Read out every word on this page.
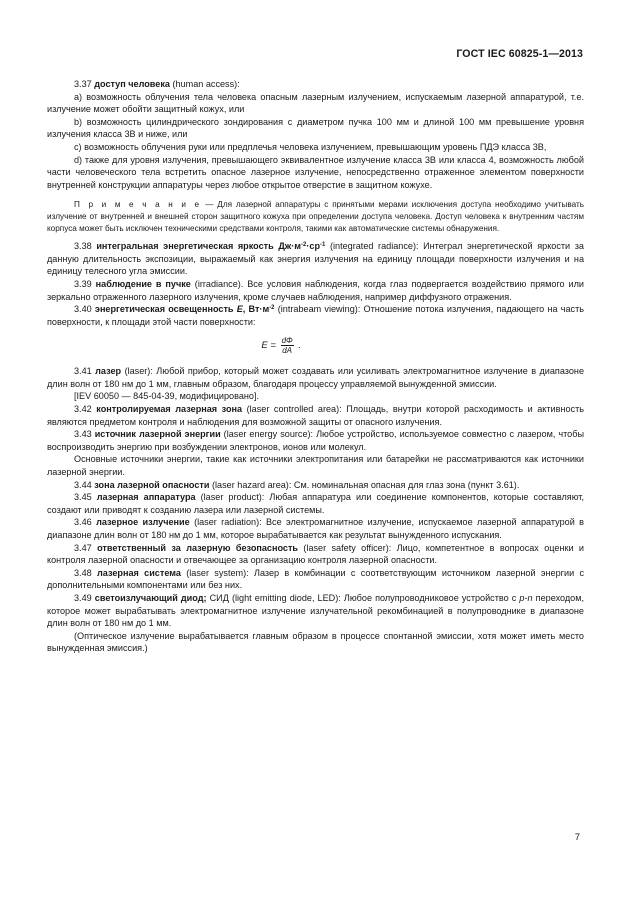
ГОСТ IEC 60825-1—2013

3.37 доступ человека (human access):

а) возможность облучения тела человека опасным лазерным излучением, испускаемым лазерной аппаратурой, т.е. излучение может обойти защитный кожух, или

b) возможность цилиндрического зондирования с диаметром пучка 100 мм и длиной 100 мм превышение уровня излучения класса 3В и ниже, или

с) возможность облучения руки или предплечья человека излучением, превышающим уровень ПДЭ класса 3В,

d) также для уровня излучения, превышающего эквивалентное излучение класса 3В или класса 4, возможность любой части человеческого тела встретить опасное лазерное излучение, непосредственно отраженное элементом поверхности внутренней конструкции аппаратуры через любое открытое отверстие в защитном кожухе.

П р и м е ч а н и е — Для лазерной аппаратуры с принятыми мерами исключения доступа необходимо учитывать излучение от внутренней и внешней сторон защитного кожуха при определении доступа человека. Доступ человека к внутренним частям корпуса может быть исключен техническими средствами контроля, такими как автоматические системы обнаружения.

3.38 интегральная энергетическая яркость $Дж\cdot м^{-2}\cdot ср^{-1}$ (integrated radiance): Интеграл энергетической яркости за данную длительность экспозиции, выражаемый как энергия излучения на единицу площади поверхности излучения и на единицу телесного угла эмиссии.

3.39 наблюдение в пучке (irradiance). Все условия наблюдения, когда глаз подвергается воздействию прямого или зеркально отраженного лазерного излучения, кроме случаев наблюдения, например диффузного отражения.

3.40 энергетическая освещенность E, $Вт\cdot м^{-2}$ (intrabeam viewing): Отношение потока излучения, падающего на часть поверхности, к площади этой части поверхности:

$E = \frac{d\Phi}{dA}$ .

3.41 лазер (laser): Любой прибор, который может создавать или усиливать электромагнитное излучение в диапазоне длин волн от 180 нм до 1 мм, главным образом, благодаря процессу управляемой вынужденной эмиссии.

[IEV 60050 — 845-04-39, модифицировано].

3.42 контролируемая лазерная зона (laser controlled area): Площадь, внутри которой расходимость и активность являются предметом контроля и наблюдения для возможной защиты от опасного излучения.

3.43 источник лазерной энергии (laser energy source): Любое устройство, используемое совместно с лазером, чтобы воспроизводить энергию при возбуждении электронов, ионов или молекул.

Основные источники энергии, такие как источники электропитания или батарейки не рассматриваются как источники лазерной энергии.

3.44 зона лазерной опасности (laser hazard area): См. номинальная опасная для глаз зона (пункт 3.61).

3.45 лазерная аппаратура (laser product): Любая аппаратура или соединение компонентов, которые составляют, создают или приводят к созданию лазера или лазерной системы.

3.46 лазерное излучение (laser radiation): Все электромагнитное излучение, испускаемое лазерной аппаратурой в диапазоне длин волн от 180 нм до 1 мм, которое вырабатывается как результат вынужденного испускания.

3.47 ответственный за лазерную безопасность (laser safety officer): Лицо, компетентное в вопросах оценки и контроля лазерной опасности и отвечающее за организацию контроля лазерной опасности.

3.48 лазерная система (laser system): Лазер в комбинации с соответствующим источником лазерной энергии с дополнительными компонентами или без них.

3.49 светоизлучающий диод; СИД (light emitting diode, LED): Любое полупроводниковое устройство с p-n переходом, которое может вырабатывать электромагнитное излучение излучательной рекомбинацией в полупроводнике в диапазоне длин волн от 180 нм до 1 мм.

(Оптическое излучение вырабатывается главным образом в процессе спонтанной эмиссии, хотя может иметь место вынужденная эмиссия.)

7
